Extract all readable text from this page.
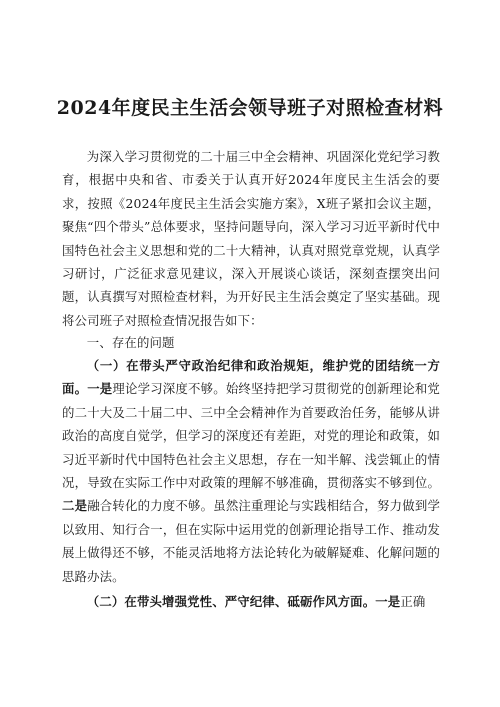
2024年度民主生活会领导班子对照检查材料

为深入学习贯彻党的二十届三中全会精神、巩固深化党纪学习教育，根据中央和省、市委关于认真开好2024年度民主生活会的要求，按照《2024年度民主生活会实施方案》，X班子紧扣会议主题，聚焦“四个带头”总体要求，坚持问题导向，深入学习习近平新时代中国特色社会主义思想和党的二十大精神，认真对照党章党规，认真学习研讨，广泛征求意见建议，深入开展谈心谈话，深刻查摆突出问题，认真撰写对照检查材料，为开好民主生活会奠定了坚实基础。现将公司班子对照检查情况报告如下：

一、存在的问题

（一）在带头严守政治纪律和政治规矩，维护党的团结统一方面。一是理论学习深度不够。始终坚持把学习贯彻党的创新理论和党的二十大及二十届二中、三中全会精神作为首要政治任务，能够从讲政治的高度自觉学，但学习的深度还有差距，对党的理论和政策，如习近平新时代中国特色社会主义思想，存在一知半解、浅尝辄止的情况，导致在实际工作中对政策的理解不够准确，贯彻落实不够到位。二是融合转化的力度不够。虽然注重理论与实践相结合，努力做到学以致用、知行合一，但在实际中运用党的创新理论指导工作、推动发展上做得还不够，不能灵活地将方法论转化为破解疑难、化解问题的思路办法。

（二）在带头增强党性、严守纪律、砥砺作风方面。一是正确
